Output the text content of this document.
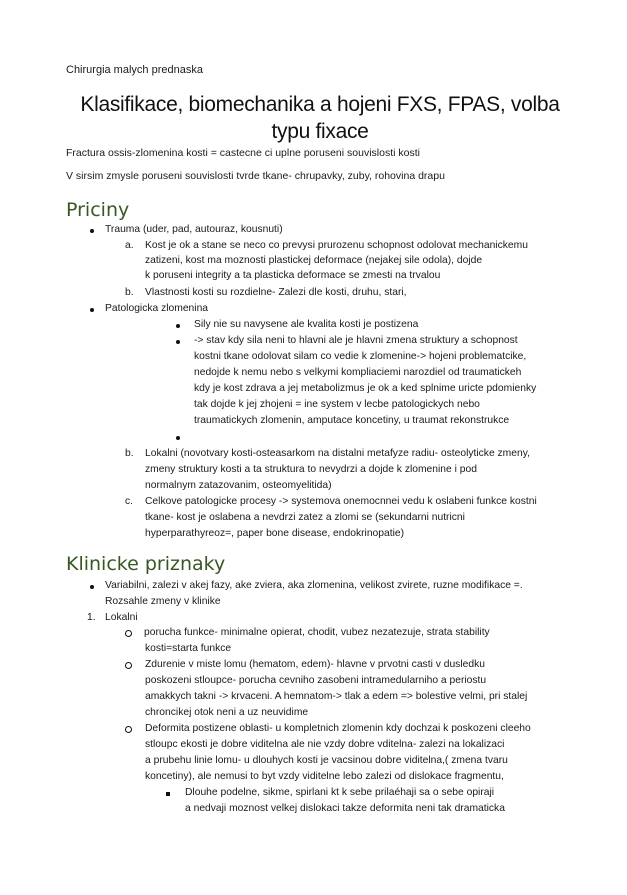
Chirurgia malych prednaska
Klasifikace, biomechanika a hojeni FXS, FPAS, volba typu fixace
Fractura ossis-zlomenina kosti = castecne ci uplne poruseni souvislosti kosti
V sirsim zmysle poruseni souvislosti tvrde tkane- chrupavky, zuby, rohovina drapu
Priciny
Trauma (uder, pad, autouraz, kousnuti)
a. Kost je ok a stane se neco co prevysi prurozenu schopnost odolovat mechanickemu
zatizeni, kost ma moznosti plastickej deformace (nejakej sile odola), dojde
k poruseni integrity a ta plasticka deformace se zmesti na trvalou
b. Vlastnosti kosti su rozdielne- Zalezi dle kosti, druhu, stari,
Patologicka zlomenina
Sily nie su navysene ale kvalita kosti je postizena
-> stav kdy sila neni to hlavni ale je hlavni zmena struktury a schopnost
kostni tkane odolovat silam co vedie k zlomenine-> hojeni problematcike,
nedojde k nemu nebo s velkymi kompliaciemi narozdiel od traumatickeh
kdy je kost zdrava a jej metabolizmus je ok a ked splnime uricte pdomienky
tak dojde k jej zhojeni = ine system v lecbe patologickych nebo
traumatickych zlomenin, amputace koncetiny, u traumat rekonstrukce
b. Lokalni (novotvary kosti-osteasarkom na distalni metafyze radiu- osteolyticke zmeny,
zmeny struktury kosti a ta struktura to nevydrzi a dojde k zlomenine i pod
normalnym zatazovanim, osteomyelitida)
c. Celkove patologicke procesy -> systemova onemocnnei vedu k oslabeni funkce kostni
tkane- kost je oslabena a nevdrzi zatez a zlomi se (sekundarni nutricni
hyperparathyreoz=, paper bone disease, endokrinopatie)
Klinicke priznaky
Variabilni, zalezi v akej fazy, ake zviera, aka zlomenina, velikost zvirete, ruzne modifikace =.
Rozsahle zmeny v klinike
1. Lokalni
porucha funkce- minimalne opierat, chodit, vubez nezatezuje, strata stability
kosti=starta funkce
Zdurenie v miste lomu (hematom, edem)- hlavne v prvotni casti v dusledku
poskozeni stloupce- porucha cevniho zasobeni intramedularniho a periostu
amakkych takni -> krvaceni. A hemnatom-> tlak a edem => bolestive velmi, pri stalej
chroncikej otok neni a uz neuvidime
Deformita postizene oblasti- u kompletnich zlomenin kdy dochzai k poskozeni cleeho
stloupc ekosti je dobre viditelna ale nie vzdy dobre vditelna- zalezi na lokalizaci
a prubehu linie lomu- u dlouhych kosti je vacsinou dobre viditelna,( zmena tvaru
koncetiny), ale nemusi to byt vzdy viditelne lebo zalezi od dislokace fragmentu,
Dlouhe podelne, sikme, spirlani kt k sebe prilaéhaji sa o sebe opiraji
a nedvaji moznost velkej dislokaci takze deformita neni tak dramaticka
